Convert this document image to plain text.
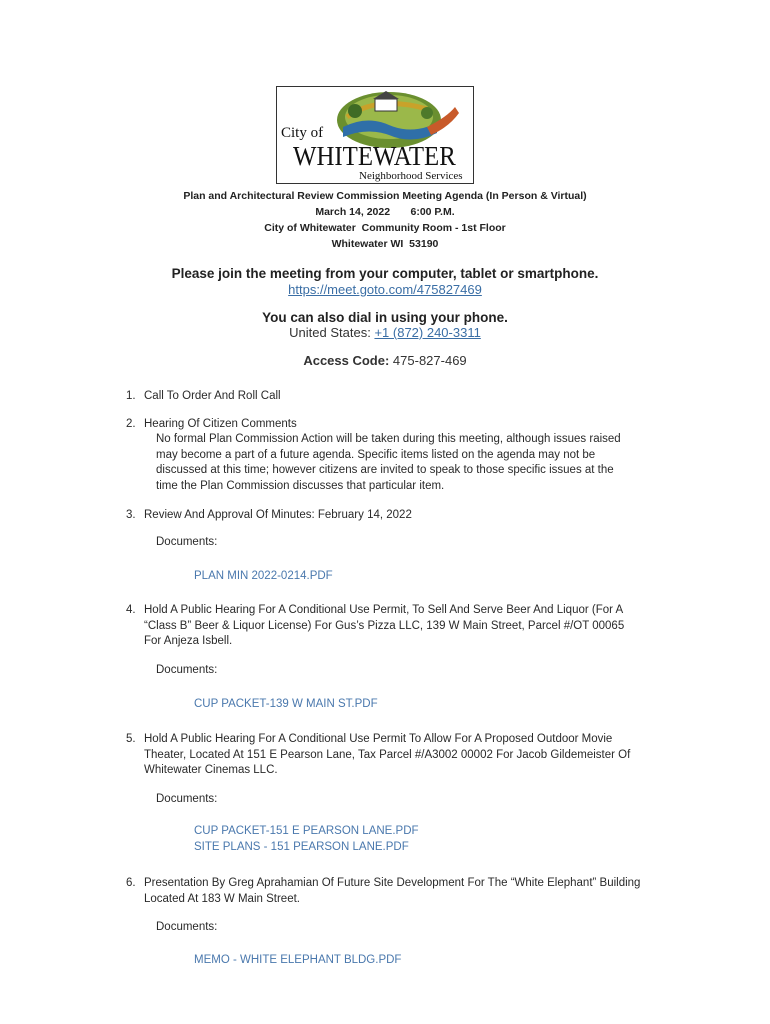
City of
WHITEWATER
Neighborhood Services
Plan and Architectural Review Commission Meeting Agenda (In Person & Virtual)
March 14, 2022       6:00 P.M.
City of Whitewater  Community Room - 1st Floor
Whitewater WI  53190
Please join the meeting from your computer, tablet or smartphone.
https://meet.goto.com/475827469
You can also dial in using your phone.
United States: +1 (872) 240-3311
Access Code: 475-827-469
1. Call To Order And Roll Call
2. Hearing Of Citizen Comments
No formal Plan Commission Action will be taken during this meeting, although issues raised may become a part of a future agenda. Specific items listed on the agenda may not be discussed at this time; however citizens are invited to speak to those specific issues at the time the Plan Commission discusses that particular item.
3. Review And Approval Of Minutes: February 14, 2022
Documents:
PLAN MIN 2022-0214.PDF
4. Hold A Public Hearing For A Conditional Use Permit, To Sell And Serve Beer And Liquor (For A “Class B” Beer & Liquor License) For Gus’s Pizza LLC, 139 W Main Street, Parcel #/OT 00065 For Anjeza Isbell.
Documents:
CUP PACKET-139 W MAIN ST.PDF
5. Hold A Public Hearing For A Conditional Use Permit To Allow For A Proposed Outdoor Movie Theater, Located At 151 E Pearson Lane, Tax Parcel #/A3002 00002 For Jacob Gildemeister Of Whitewater Cinemas LLC.
Documents:
CUP PACKET-151 E PEARSON LANE.PDF
SITE PLANS - 151 PEARSON LANE.PDF
6. Presentation By Greg Aprahamian Of Future Site Development For The “White Elephant” Building Located At 183 W Main Street.
Documents:
MEMO - WHITE ELEPHANT BLDG.PDF
